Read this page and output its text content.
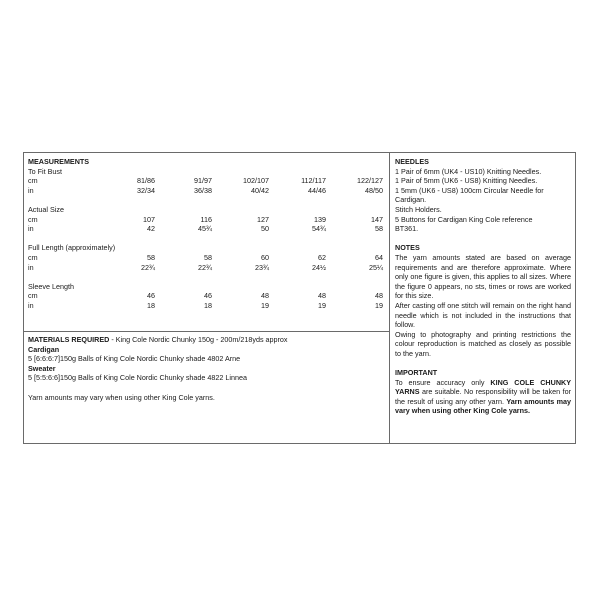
MEASUREMENTS
To Fit Bust
cm	81/86	91/97	102/107	112/117	122/127
in	32/34	36/38	40/42	44/46	48/50
Actual Size
cm	107	116	127	139	147
in	42	45¾	50	54¾	58
Full Length (approximately)
cm	58	58	60	62	64
in	22¾	22¾	23¾	24½	25¼
Sleeve Length
cm	46	46	48	48	48
in	18	18	19	19	19
MATERIALS REQUIRED - King Cole Nordic Chunky 150g - 200m/218yds approx
Cardigan
5 [6:6:6:7]150g Balls of King Cole Nordic Chunky shade 4802 Arne
Sweater
5 [5:5:6:6]150g Balls of King Cole Nordic Chunky shade 4822 Linnea
Yarn amounts may vary when using other King Cole yarns.
NEEDLES
1 Pair of 6mm (UK4 - US10) Knitting Needles.
1 Pair of 5mm (UK6 - US8) Knitting Needles.
1 5mm (UK6 - US8) 100cm Circular Needle for
Cardigan.
Stitch Holders.
5 Buttons for Cardigan King Cole reference
BT361.
NOTES

The yarn amounts stated are based on average requirements and are therefore approximate. Where only one figure is given, this applies to all sizes. Where the figure 0 appears, no sts, times or rows are worked for this size.

After casting off one stitch will remain on the right hand needle which is not included in the instructions that follow.

Owing to photography and printing restrictions the colour reproduction is matched as closely as possible to the yarn.

IMPORTANT

To ensure accuracy only KING COLE CHUNKY YARNS are suitable. No responsibility will be taken for the result of using any other yarn. Yarn amounts may vary when using other King Cole yarns.
